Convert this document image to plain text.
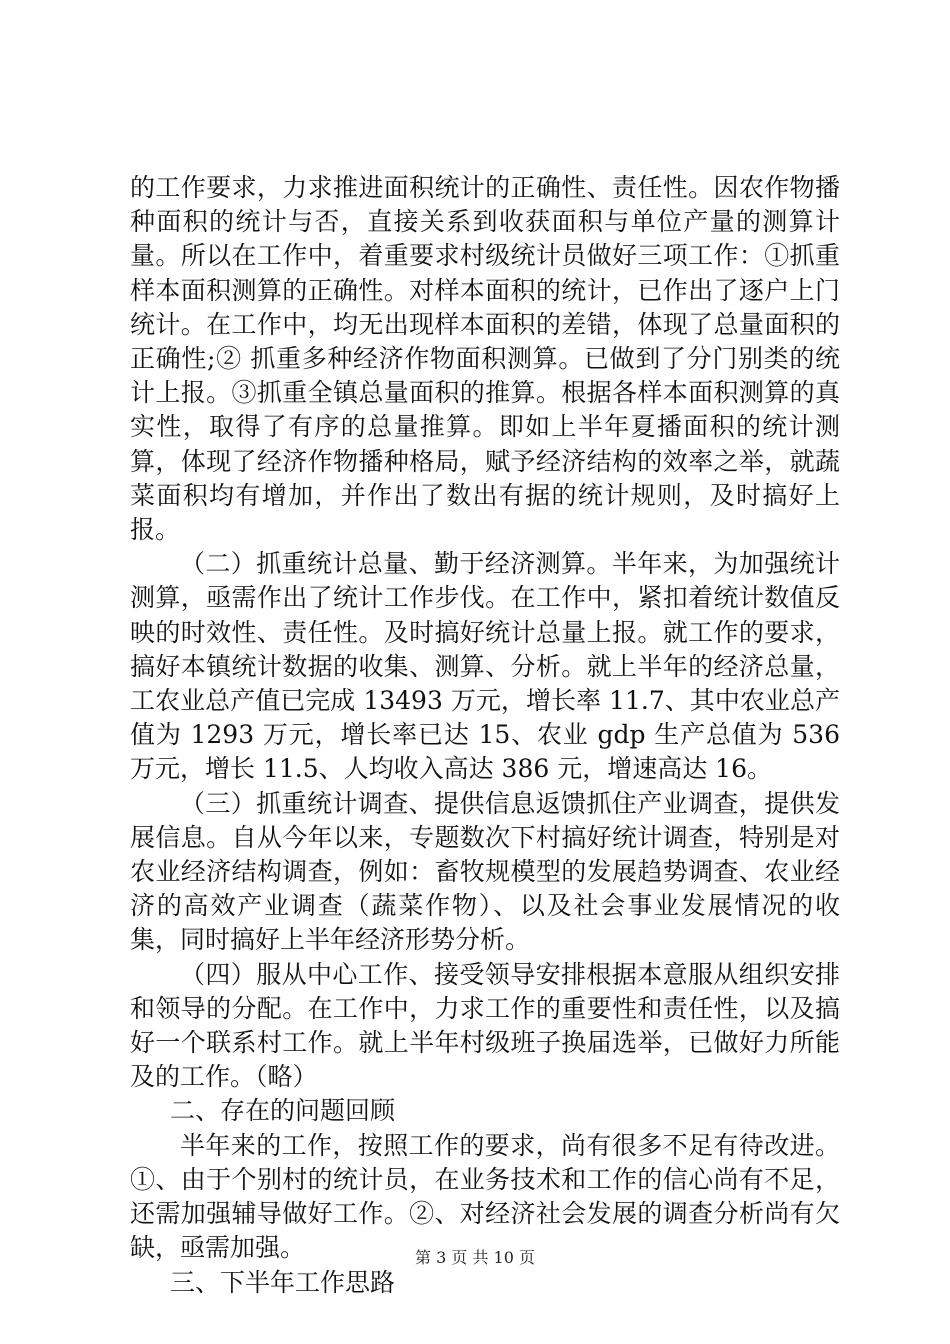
的工作要求，力求推进面积统计的正确性、责任性。因农作物播种面积的统计与否，直接关系到收获面积与单位产量的测算计量。所以在工作中，着重要求村级统计员做好三项工作：①抓重样本面积测算的正确性。对样本面积的统计，已作出了逐户上门统计。在工作中，均无出现样本面积的差错，体现了总量面积的正确性;② 抓重多种经济作物面积测算。已做到了分门别类的统计上报。③抓重全镇总量面积的推算。根据各样本面积测算的真实性，取得了有序的总量推算。即如上半年夏播面积的统计测算，体现了经济作物播种格局，赋予经济结构的效率之举，就蔬菜面积均有增加，并作出了数出有据的统计规则，及时搞好上报。

（二）抓重统计总量、勤于经济测算。半年来，为加强统计测算，亟需作出了统计工作步伐。在工作中，紧扣着统计数值反映的时效性、责任性。及时搞好统计总量上报。就工作的要求，搞好本镇统计数据的收集、测算、分析。就上半年的经济总量，工农业总产值已完成 13493 万元，增长率 11.7、其中农业总产值为 1293 万元，增长率已达 15、农业 gdp 生产总值为 536 万元，增长 11.5、人均收入高达 386 元，增速高达 16。

（三）抓重统计调查、提供信息返馈抓住产业调查，提供发展信息。自从今年以来，专题数次下村搞好统计调查，特别是对农业经济结构调查，例如：畜牧规模型的发展趋势调查、农业经济的高效产业调查（蔬菜作物）、以及社会事业发展情况的收集，同时搞好上半年经济形势分析。

（四）服从中心工作、接受领导安排根据本意服从组织安排和领导的分配。在工作中，力求工作的重要性和责任性，以及搞好一个联系村工作。就上半年村级班子换届选举，已做好力所能及的工作。（略）

二、存在的问题回顾

半年来的工作，按照工作的要求，尚有很多不足有待改进。①、由于个别村的统计员，在业务技术和工作的信心尚有不足，还需加强辅导做好工作。②、对经济社会发展的调查分析尚有欠缺，亟需加强。

三、下半年工作思路

第 3 页 共 10 页
